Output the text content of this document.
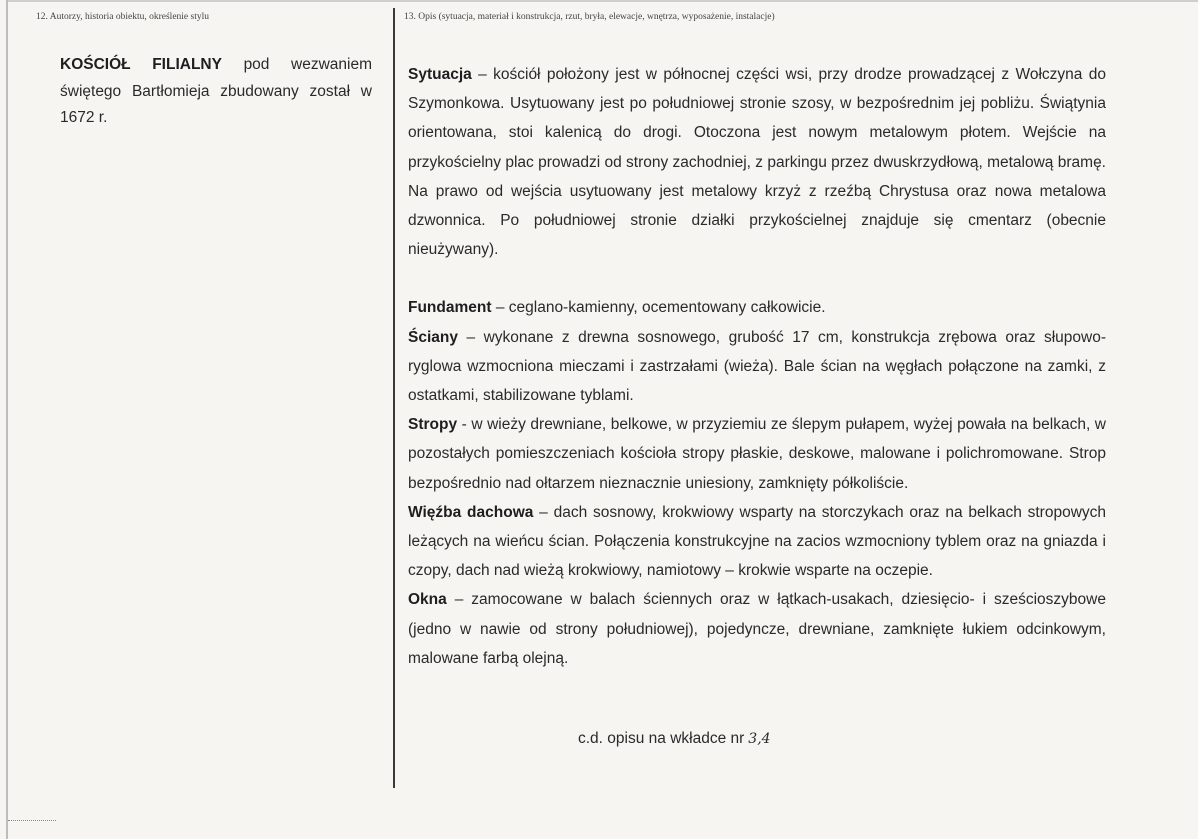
12. Autorzy, historia obiektu, określenie stylu	13. Opis (sytuacja, materiał i konstrukcja, rzut, bryła, elewacje, wnętrza, wyposażenie, instalacje)
KOŚCIÓŁ FILIALNY pod wezwaniem świętego Bartłomieja zbudowany został w 1672 r.

Sytuacja – kościół położony jest w północnej części wsi, przy drodze prowadzącej z Wołczyna do Szymonkowa. Usytuowany jest po południowej stronie szosy, w bezpośrednim jej pobliżu. Świątynia orientowana, stoi kalenicą do drogi. Otoczona jest nowym metalowym płotem. Wejście na przykościelny plac prowadzi od strony zachodniej, z parkingu przez dwuskrzydłową, metalową bramę. Na prawo od wejścia usytuowany jest metalowy krzyż z rzeźbą Chrystusa oraz nowa metalowa dzwonnica. Po południowej stronie działki przykościelnej znajduje się cmentarz (obecnie nieużywany).

Fundament – ceglano-kamienny, ocementowany całkowicie.

Ściany – wykonane z drewna sosnowego, grubość 17 cm, konstrukcja zrębowa oraz słupowo-ryglowa wzmocniona mieczami i zastrzałami (wieża). Bale ścian na węgłach połączone na zamki, z ostatkami, stabilizowane tyblami.

Stropy - w wieży drewniane, belkowe, w przyziemiu ze ślepym pułapem, wyżej powała na belkach, w pozostałych pomieszczeniach kościoła stropy płaskie, deskowe, malowane i polichromowane. Strop bezpośrednio nad ołtarzem nieznacznie uniesiony, zamknięty półkoliście.

Więźba dachowa – dach sosnowy, krokwiowy wsparty na storczykach oraz na belkach stropowych leżących na wieńcu ścian. Połączenia konstrukcyjne na zacios wzmocniony tyblem oraz na gniazda i czopy, dach nad wieżą krokwiowy, namiotowy – krokwie wsparte na oczepie.

Okna – zamocowane w balach ściennych oraz w łątkach-usakach, dziesięcio- i sześcioszybowe (jedno w nawie od strony południowej), pojedyncze, drewniane, zamknięte łukiem odcinkowym, malowane farbą olejną.

c.d. opisu na wkładce nr 3,4
